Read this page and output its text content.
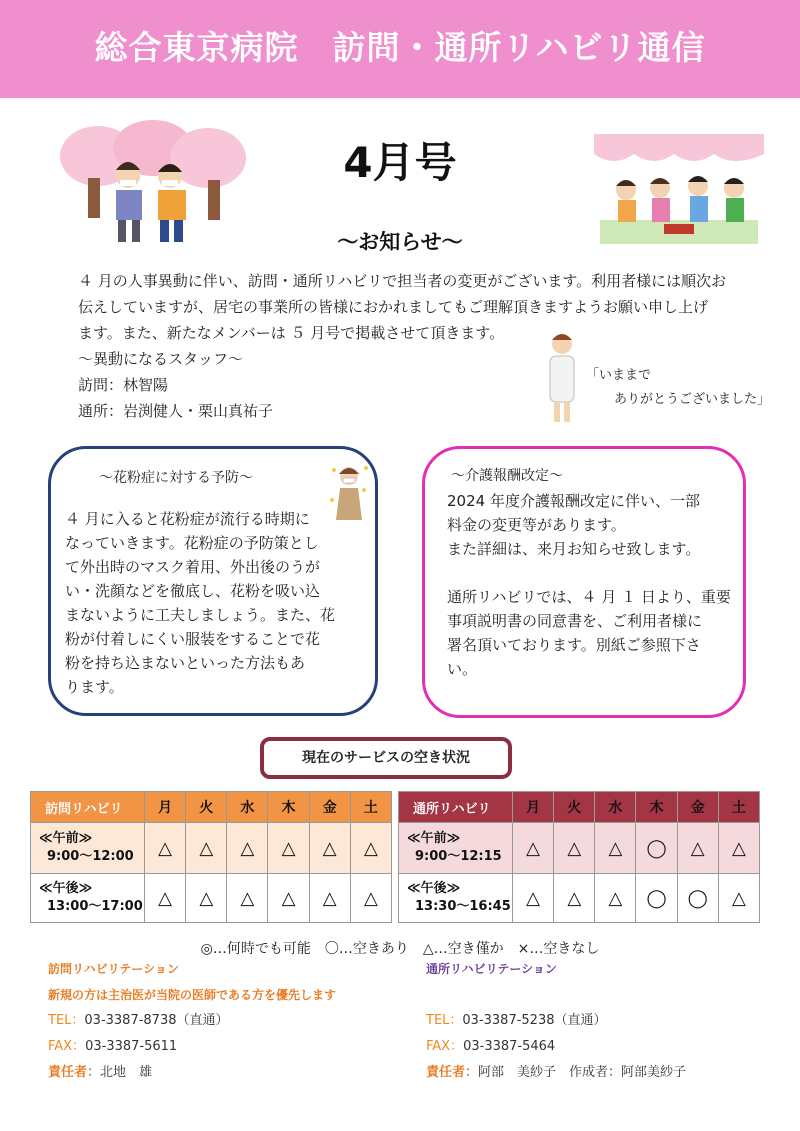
総合東京病院　訪問・通所リハビリ通信
4月号
～お知らせ～

４ 月の人事異動に伴い、訪問・通所リハビリで担当者の変更がございます。利用者様には順次お

伝えしていますが、居宅の事業所の皆様におかれましてもご理解頂きますようお願い申し上げ

ます。また、新たなメンバーは ５ 月号で掲載させて頂きます。

～異動になるスタッフ～

訪問：林智陽

通所：岩渕健人・栗山真祐子

「いままで
ありがとうございました」
～花粉症に対する予防～

４ 月に入ると花粉症が流行る時期に

なっていきます。花粉症の予防策とし

て外出時のマスク着用、外出後のうが

い・洗顔などを徹底し、花粉を吸い込

まないように工夫しましょう。また、花

粉が付着しにくい服装をすることで花

粉を持ち込まないといった方法もあ

ります。

～介護報酬改定～

2024 年度介護報酬改定に伴い、一部

料金の変更等があります。

また詳細は、来月お知らせ致します。

通所リハビリでは、４ 月 １ 日より、重要

事項説明書の同意書を、ご利用者様に

署名頂いております。別紙ご参照下さ

い。

現在のサービスの空き状況
訪問リハビリ	月	火	水	木	金	土

≪午前≫
9:00～12:00	△	△	△	△	△	△

≪午後≫
13:00～17:00	△	△	△	△	△	△
通所リハビリ	月	火	水	木	金	土

≪午前≫
9:00～12:15	△	△	△	◯	△	△

≪午後≫
13:30～16:45	△	△	△	◯	◯	△
◎…何時でも可能　〇…空きあり　△…空き僅か　×…空きなし
訪問リハビリテーション
新規の方は主治医が当院の医師である方を優先します
TEL：03-3387-8738（直通）
FAX：03-3387-5611
責任者：北地　雄
通所リハビリテーション
TEL：03-3387-5238（直通）
FAX：03-3387-5464
責任者：阿部　美紗子　作成者：阿部美紗子
